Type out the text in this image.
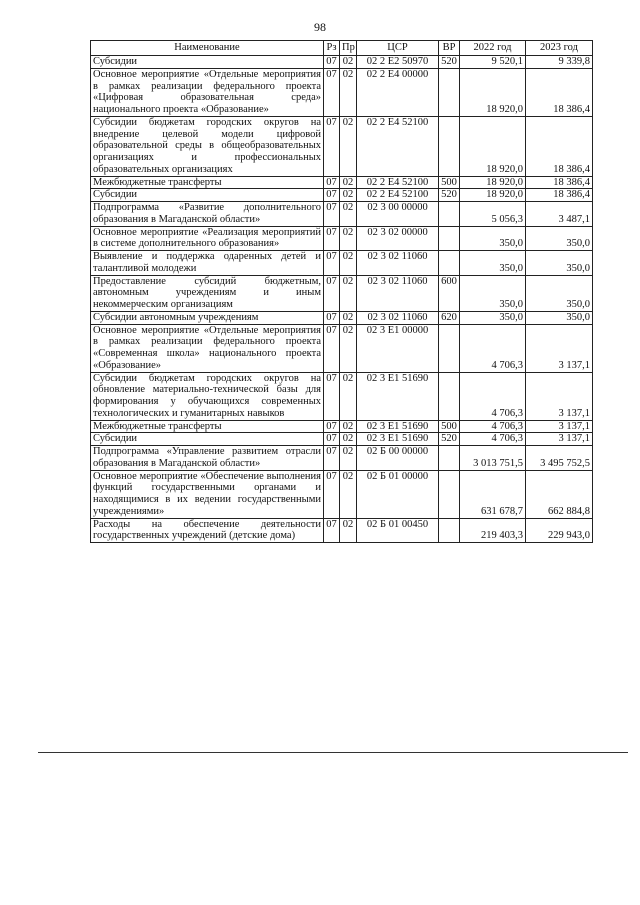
98
Наименование	Рз	Пр	ЦСР	ВР	2022 год	2023 год
Субсидии	07	02	02 2 E2 50970	520	9 520,1	9 339,8
Основное мероприятие «Отдельные мероприятия в рамках реализации федерального проекта «Цифровая образовательная среда» национального проекта «Образование»	07	02	02 2 E4 00000		18 920,0	18 386,4
Субсидии бюджетам городских округов на внедрение целевой модели цифровой образовательной среды в общеобразовательных организациях и профессиональных образовательных организациях	07	02	02 2 E4 52100		18 920,0	18 386,4
Межбюджетные трансферты	07	02	02 2 E4 52100	500	18 920,0	18 386,4
Субсидии	07	02	02 2 E4 52100	520	18 920,0	18 386,4
Подпрограмма «Развитие дополнительного образования в Магаданской области»	07	02	02 3 00 00000		5 056,3	3 487,1
Основное мероприятие «Реализация мероприятий в системе дополнительного образования»	07	02	02 3 02 00000		350,0	350,0
Выявление и поддержка одаренных детей и талантливой молодежи	07	02	02 3 02 11060		350,0	350,0
Предоставление субсидий бюджетным, автономным учреждениям и иным некоммерческим организациям	07	02	02 3 02 11060	600	350,0	350,0
Субсидии автономным учреждениям	07	02	02 3 02 11060	620	350,0	350,0
Основное мероприятие «Отдельные мероприятия в рамках реализации федерального проекта «Современная школа» национального проекта «Образование»	07	02	02 3 E1 00000		4 706,3	3 137,1
Субсидии бюджетам городских округов на обновление материально-технической базы для формирования у обучающихся современных технологических и гуманитарных навыков	07	02	02 3 E1 51690		4 706,3	3 137,1
Межбюджетные трансферты	07	02	02 3 E1 51690	500	4 706,3	3 137,1
Субсидии	07	02	02 3 E1 51690	520	4 706,3	3 137,1
Подпрограмма «Управление развитием отрасли образования в Магаданской области»	07	02	02 Б 00 00000		3 013 751,5	3 495 752,5
Основное мероприятие «Обеспечение выполнения функций государственными органами и находящимися в их ведении государственными учреждениями»	07	02	02 Б 01 00000		631 678,7	662 884,8
Расходы на обеспечение деятельности государственных учреждений (детские дома)	07	02	02 Б 01 00450		219 403,3	229 943,0
